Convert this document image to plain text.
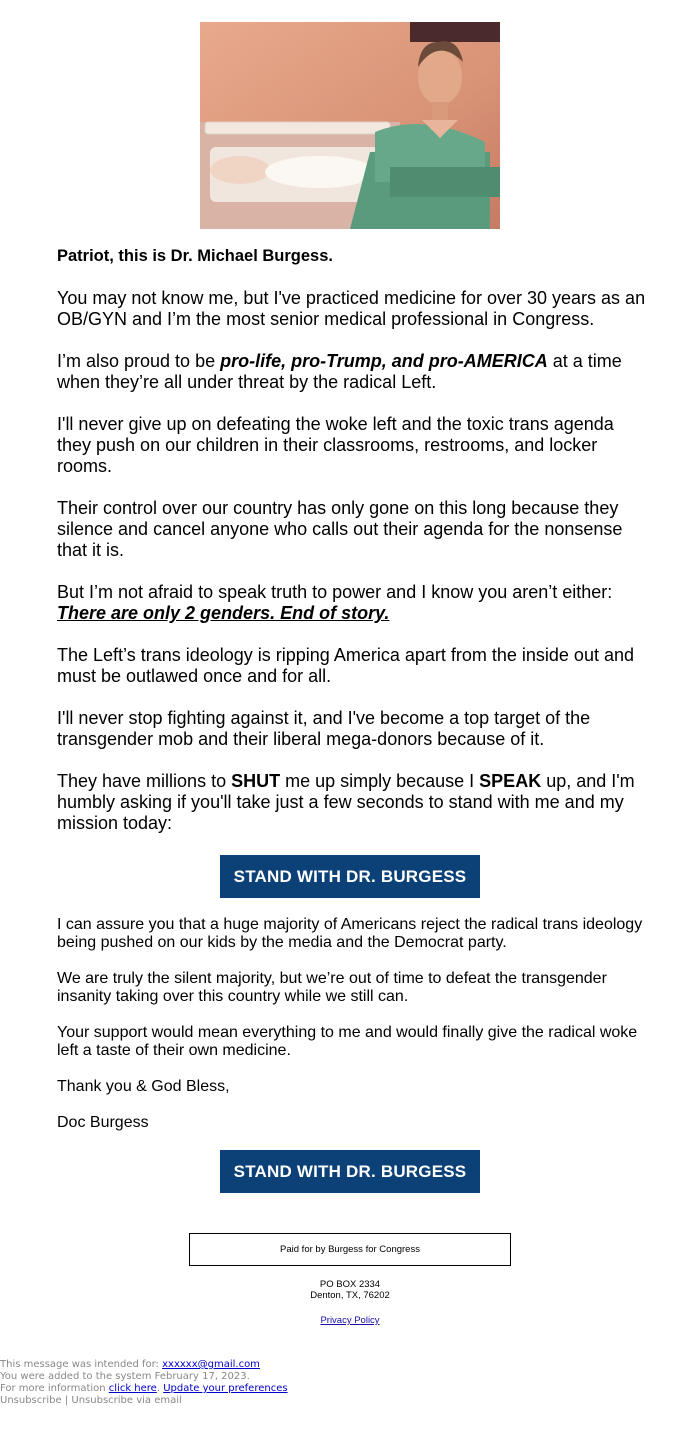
Patriot, this is Dr. Michael Burgess.

You may not know me, but I've practiced medicine for over 30 years as an OB/GYN and I’m the most senior medical professional in Congress.

I’m also proud to be pro-life, pro-Trump, and pro-AMERICA at a time when they’re all under threat by the radical Left.

I'll never give up on defeating the woke left and the toxic trans agenda they push on our children in their classrooms, restrooms, and locker rooms.

Their control over our country has only gone on this long because they silence and cancel anyone who calls out their agenda for the nonsense that it is.

But I’m not afraid to speak truth to power and I know you aren’t either: There are only 2 genders. End of story.

The Left’s trans ideology is ripping America apart from the inside out and must be outlawed once and for all.

I'll never stop fighting against it, and I've become a top target of the transgender mob and their liberal mega-donors because of it.

They have millions to SHUT me up simply because I SPEAK up, and I'm humbly asking if you'll take just a few seconds to stand with me and my mission today:

STAND WITH DR. BURGESS

I can assure you that a huge majority of Americans reject the radical trans ideology being pushed on our kids by the media and the Democrat party.

We are truly the silent majority, but we’re out of time to defeat the transgender insanity taking over this country while we still can.

Your support would mean everything to me and would finally give the radical woke left a taste of their own medicine.

Thank you & God Bless,

Doc Burgess

STAND WITH DR. BURGESS
Paid for by Burgess for Congress
PO BOX 2334
Denton, TX, 76202
Privacy Policy
This message was intended for: xxxxxx@gmail.com
You were added to the system February 17, 2023.
For more information click here. Update your preferences
Unsubscribe | Unsubscribe via email
